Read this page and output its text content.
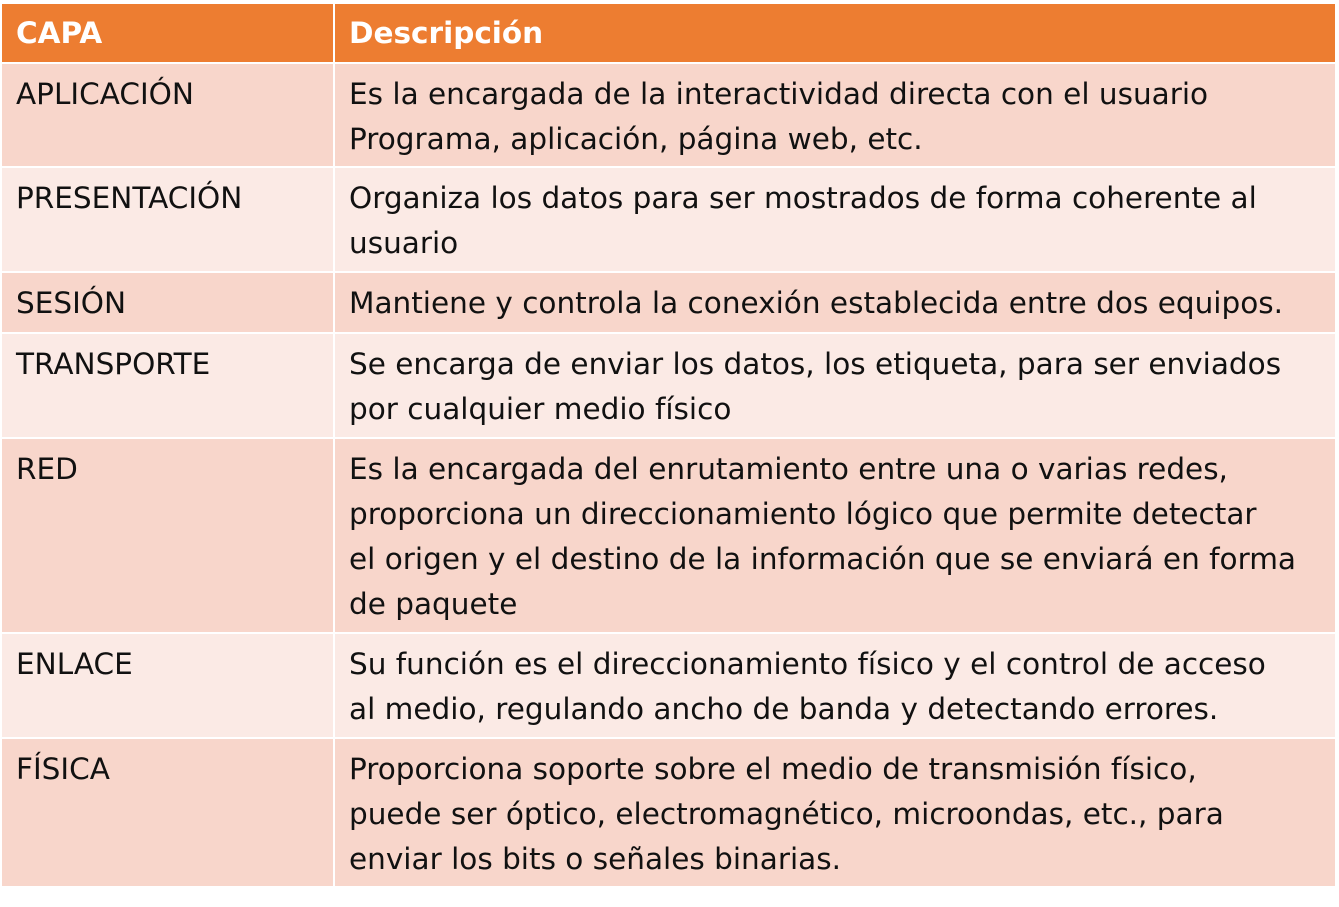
CAPA	Descripción
APLICACIÓN	Es la encargada de la interactividad directa con el usuario
Programa, aplicación, página web, etc.
PRESENTACIÓN	Organiza los datos para ser mostrados de forma coherente al
usuario
SESIÓN	Mantiene y controla la conexión establecida entre dos equipos.
TRANSPORTE	Se encarga de enviar los datos, los etiqueta, para ser enviados
por cualquier medio físico
RED	Es la encargada del enrutamiento entre una o varias redes,
proporciona un direccionamiento lógico que permite detectar
el origen y el destino de la información que se enviará en forma
de paquete
ENLACE	Su función es el direccionamiento físico y el control de acceso
al medio, regulando ancho de banda y detectando errores.
FÍSICA	Proporciona soporte sobre el medio de transmisión físico,
puede ser óptico, electromagnético, microondas, etc., para
enviar los bits o señales binarias.
